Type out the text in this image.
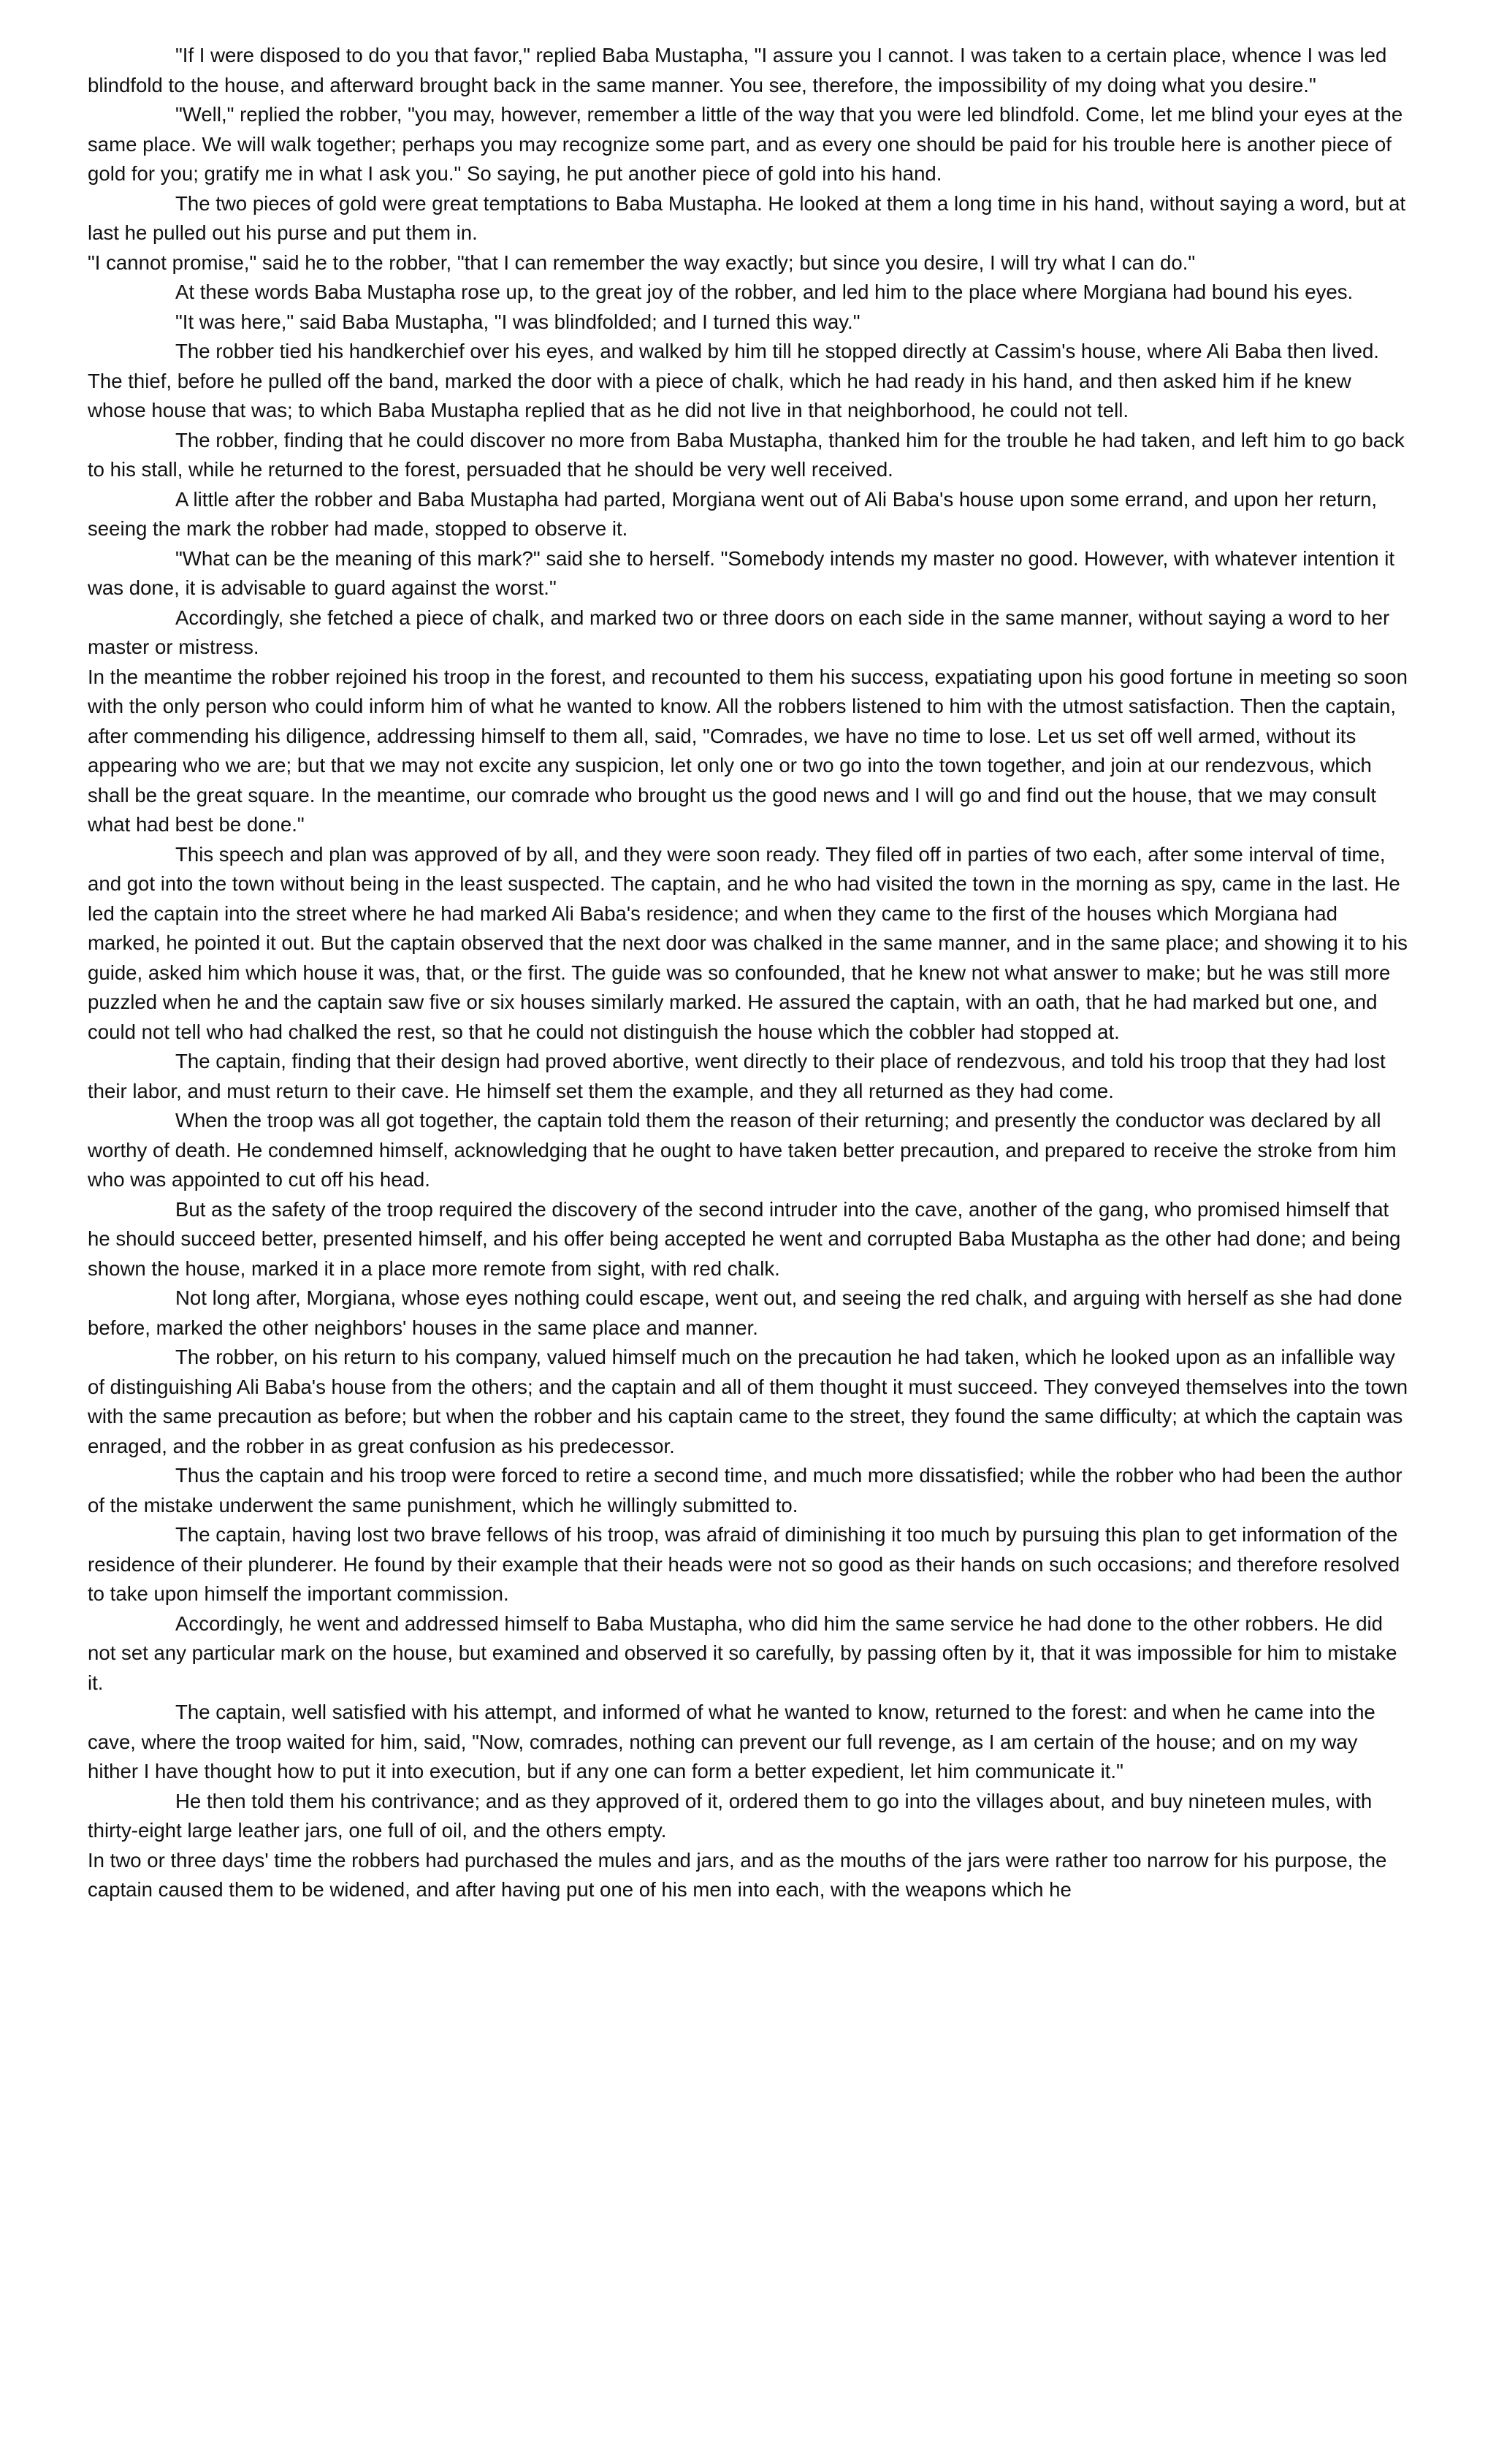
"If I were disposed to do you that favor," replied Baba Mustapha, "I assure you I cannot. I was taken to a certain place, whence I was led blindfold to the house, and afterward brought back in the same manner. You see, therefore, the impossibility of my doing what you desire."

"Well," replied the robber, "you may, however, remember a little of the way that you were led blindfold. Come, let me blind your eyes at the same place. We will walk together; perhaps you may recognize some part, and as every one should be paid for his trouble here is another piece of gold for you; gratify me in what I ask you." So saying, he put another piece of gold into his hand.

The two pieces of gold were great temptations to Baba Mustapha. He looked at them a long time in his hand, without saying a word, but at last he pulled out his purse and put them in.

"I cannot promise," said he to the robber, "that I can remember the way exactly; but since you desire, I will try what I can do."

At these words Baba Mustapha rose up, to the great joy of the robber, and led him to the place where Morgiana had bound his eyes.

"It was here," said Baba Mustapha, "I was blindfolded; and I turned this way."

The robber tied his handkerchief over his eyes, and walked by him till he stopped directly at Cassim's house, where Ali Baba then lived. The thief, before he pulled off the band, marked the door with a piece of chalk, which he had ready in his hand, and then asked him if he knew whose house that was; to which Baba Mustapha replied that as he did not live in that neighborhood, he could not tell.

The robber, finding that he could discover no more from Baba Mustapha, thanked him for the trouble he had taken, and left him to go back to his stall, while he returned to the forest, persuaded that he should be very well received.

A little after the robber and Baba Mustapha had parted, Morgiana went out of Ali Baba's house upon some errand, and upon her return, seeing the mark the robber had made, stopped to observe it.

"What can be the meaning of this mark?" said she to herself. "Somebody intends my master no good. However, with whatever intention it was done, it is advisable to guard against the worst."

Accordingly, she fetched a piece of chalk, and marked two or three doors on each side in the same manner, without saying a word to her master or mistress.

In the meantime the robber rejoined his troop in the forest, and recounted to them his success, expatiating upon his good fortune in meeting so soon with the only person who could inform him of what he wanted to know. All the robbers listened to him with the utmost satisfaction. Then the captain, after commending his diligence, addressing himself to them all, said, "Comrades, we have no time to lose. Let us set off well armed, without its appearing who we are; but that we may not excite any suspicion, let only one or two go into the town together, and join at our rendezvous, which shall be the great square. In the meantime, our comrade who brought us the good news and I will go and find out the house, that we may consult what had best be done."

This speech and plan was approved of by all, and they were soon ready. They filed off in parties of two each, after some interval of time, and got into the town without being in the least suspected. The captain, and he who had visited the town in the morning as spy, came in the last. He led the captain into the street where he had marked Ali Baba's residence; and when they came to the first of the houses which Morgiana had marked, he pointed it out. But the captain observed that the next door was chalked in the same manner, and in the same place; and showing it to his guide, asked him which house it was, that, or the first. The guide was so confounded, that he knew not what answer to make; but he was still more puzzled when he and the captain saw five or six houses similarly marked. He assured the captain, with an oath, that he had marked but one, and could not tell who had chalked the rest, so that he could not distinguish the house which the cobbler had stopped at.

The captain, finding that their design had proved abortive, went directly to their place of rendezvous, and told his troop that they had lost their labor, and must return to their cave. He himself set them the example, and they all returned as they had come.

When the troop was all got together, the captain told them the reason of their returning; and presently the conductor was declared by all worthy of death. He condemned himself, acknowledging that he ought to have taken better precaution, and prepared to receive the stroke from him who was appointed to cut off his head.

But as the safety of the troop required the discovery of the second intruder into the cave, another of the gang, who promised himself that he should succeed better, presented himself, and his offer being accepted he went and corrupted Baba Mustapha as the other had done; and being shown the house, marked it in a place more remote from sight, with red chalk.

Not long after, Morgiana, whose eyes nothing could escape, went out, and seeing the red chalk, and arguing with herself as she had done before, marked the other neighbors' houses in the same place and manner.

The robber, on his return to his company, valued himself much on the precaution he had taken, which he looked upon as an infallible way of distinguishing Ali Baba's house from the others; and the captain and all of them thought it must succeed. They conveyed themselves into the town with the same precaution as before; but when the robber and his captain came to the street, they found the same difficulty; at which the captain was enraged, and the robber in as great confusion as his predecessor.

Thus the captain and his troop were forced to retire a second time, and much more dissatisfied; while the robber who had been the author of the mistake underwent the same punishment, which he willingly submitted to.

The captain, having lost two brave fellows of his troop, was afraid of diminishing it too much by pursuing this plan to get information of the residence of their plunderer. He found by their example that their heads were not so good as their hands on such occasions; and therefore resolved to take upon himself the important commission.

Accordingly, he went and addressed himself to Baba Mustapha, who did him the same service he had done to the other robbers. He did not set any particular mark on the house, but examined and observed it so carefully, by passing often by it, that it was impossible for him to mistake it.

The captain, well satisfied with his attempt, and informed of what he wanted to know, returned to the forest: and when he came into the cave, where the troop waited for him, said, "Now, comrades, nothing can prevent our full revenge, as I am certain of the house; and on my way hither I have thought how to put it into execution, but if any one can form a better expedient, let him communicate it."

He then told them his contrivance; and as they approved of it, ordered them to go into the villages about, and buy nineteen mules, with thirty-eight large leather jars, one full of oil, and the others empty.

In two or three days' time the robbers had purchased the mules and jars, and as the mouths of the jars were rather too narrow for his purpose, the captain caused them to be widened, and after having put one of his men into each, with the weapons which he
